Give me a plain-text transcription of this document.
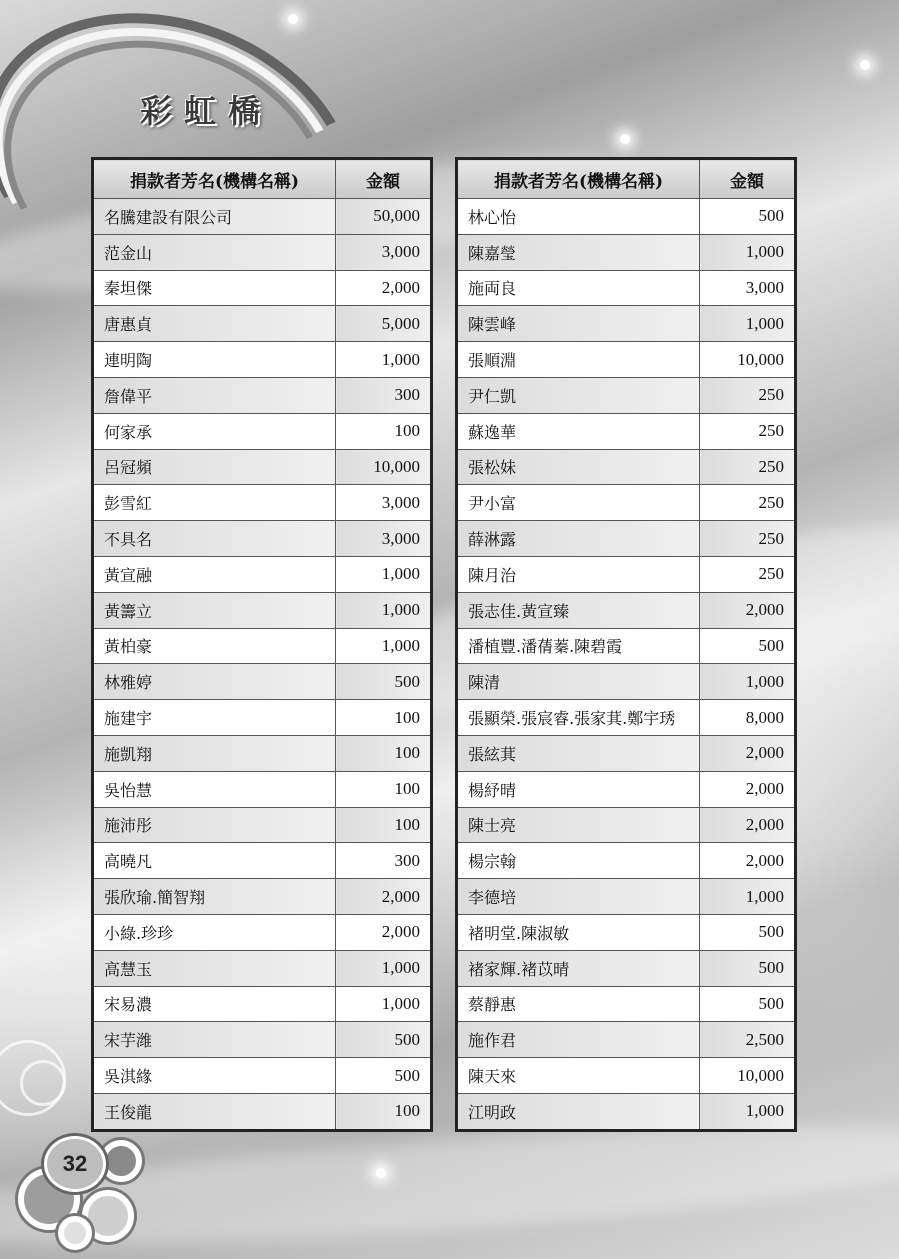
彩虹橋
捐款者芳名(機構名稱)	金額
名騰建設有限公司	50,000
范金山	3,000
秦坦傑	2,000
唐惠貞	5,000
連明陶	1,000
詹偉平	300
何家承	100
呂冠頻	10,000
彭雪紅	3,000
不具名	3,000
黃宣融	1,000
黃籌立	1,000
黃柏豪	1,000
林雅婷	500
施建宇	100
施凱翔	100
吳怡慧	100
施沛彤	100
高曉凡	300
張欣瑜.簡智翔	2,000
小綠.珍珍	2,000
高慧玉	1,000
宋易濃	1,000
宋芋潍	500
吳淇緣	500
王俊龍	100
捐款者芳名(機構名稱)	金額
林心怡	500
陳嘉瑩	1,000
施両良	3,000
陳雲峰	1,000
張順淵	10,000
尹仁凱	250
蘇逸華	250
張松妹	250
尹小富	250
薛淋露	250
陳月治	250
張志佳.黃宣臻	2,000
潘植豐.潘蒨蓁.陳碧霞	500
陳清	1,000
張顯榮.張宸睿.張家萁.鄭宇琇	8,000
張絃萁	2,000
楊紓晴	2,000
陳士亮	2,000
楊宗翰	2,000
李德培	1,000
褚明堂.陳淑敏	500
褚家輝.褚苡晴	500
蔡靜惠	500
施作君	2,500
陳天來	10,000
江明政	1,000
32
